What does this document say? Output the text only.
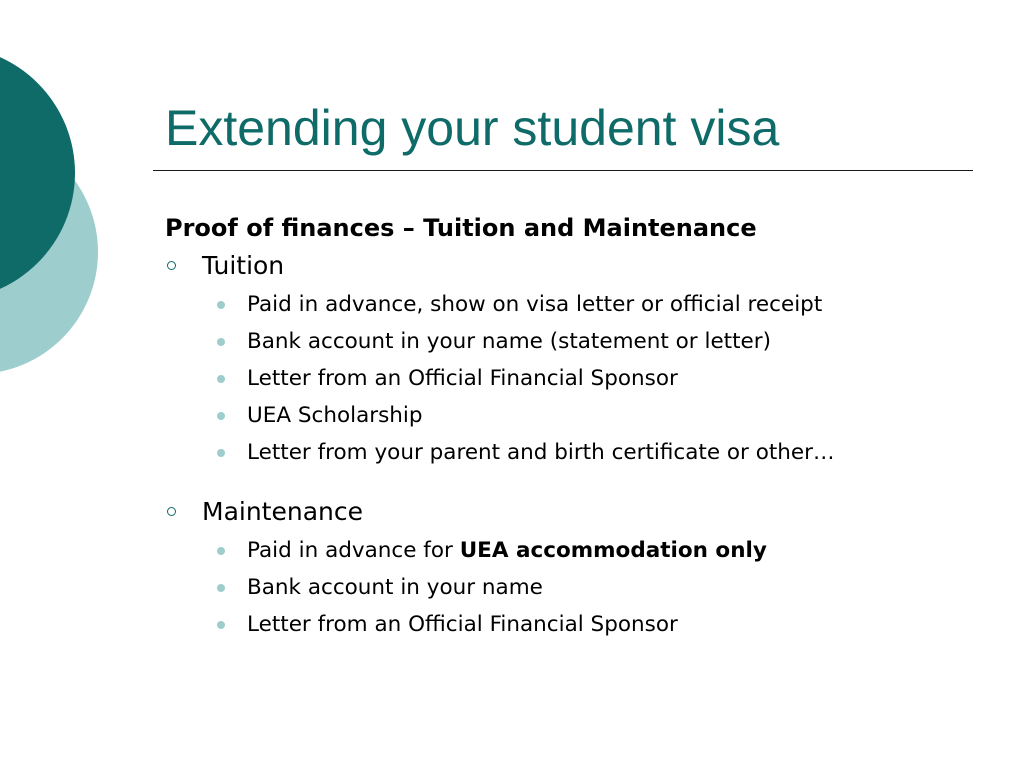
Extending your student visa
Proof of finances – Tuition and Maintenance
Tuition
Paid in advance, show on visa letter or official receipt
Bank account in your name (statement or letter)
Letter from an Official Financial Sponsor
UEA Scholarship
Letter from your parent and birth certificate or other…
Maintenance
Paid in advance for UEA accommodation only
Bank account in your name
Letter from an Official Financial Sponsor
